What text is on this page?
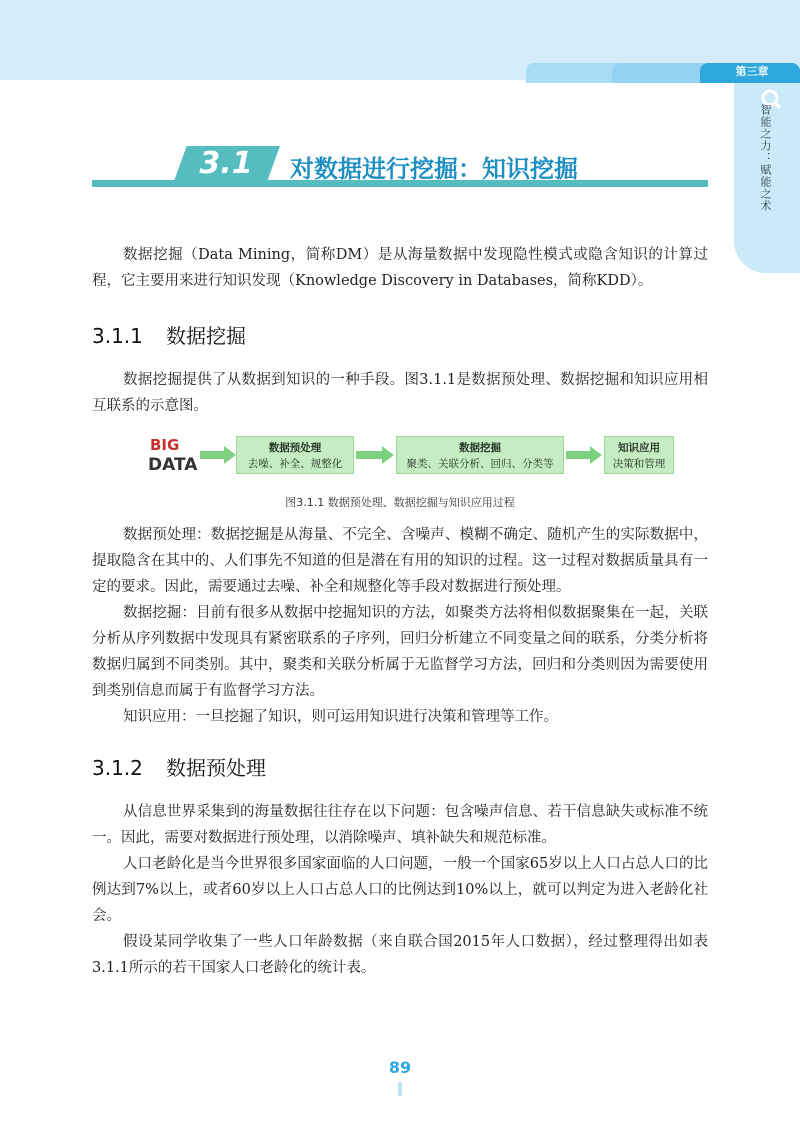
第三章
智能之力：赋能之术
3.1	对数据进行挖掘：知识挖掘

数据挖掘（Data Mining，简称DM）是从海量数据中发现隐性模式或隐含知识的计算过程，它主要用来进行知识发现（Knowledge Discovery in Databases，简称KDD）。

3.1.1 数据挖掘

数据挖掘提供了从数据到知识的一种手段。图3.1.1是数据预处理、数据挖掘和知识应用相互联系的示意图。

BIG
DATA
数据预处理
去噪、补全、规整化
数据挖掘
聚类、关联分析、回归、分类等
知识应用
决策和管理
图3.1.1 数据预处理、数据挖掘与知识应用过程

数据预处理：数据挖掘是从海量、不完全、含噪声、模糊不确定、随机产生的实际数据中，提取隐含在其中的、人们事先不知道的但是潜在有用的知识的过程。这一过程对数据质量具有一定的要求。因此，需要通过去噪、补全和规整化等手段对数据进行预处理。

数据挖掘：目前有很多从数据中挖掘知识的方法，如聚类方法将相似数据聚集在一起，关联分析从序列数据中发现具有紧密联系的子序列，回归分析建立不同变量之间的联系，分类分析将数据归属到不同类别。其中，聚类和关联分析属于无监督学习方法，回归和分类则因为需要使用到类别信息而属于有监督学习方法。

知识应用：一旦挖掘了知识，则可运用知识进行决策和管理等工作。

3.1.2 数据预处理

从信息世界采集到的海量数据往往存在以下问题：包含噪声信息、若干信息缺失或标准不统一。因此，需要对数据进行预处理，以消除噪声、填补缺失和规范标准。

人口老龄化是当今世界很多国家面临的人口问题，一般一个国家65岁以上人口占总人口的比例达到7%以上，或者60岁以上人口占总人口的比例达到10%以上，就可以判定为进入老龄化社会。

假设某同学收集了一些人口年龄数据（来自联合国2015年人口数据），经过整理得出如表3.1.1所示的若干国家人口老龄化的统计表。

89
